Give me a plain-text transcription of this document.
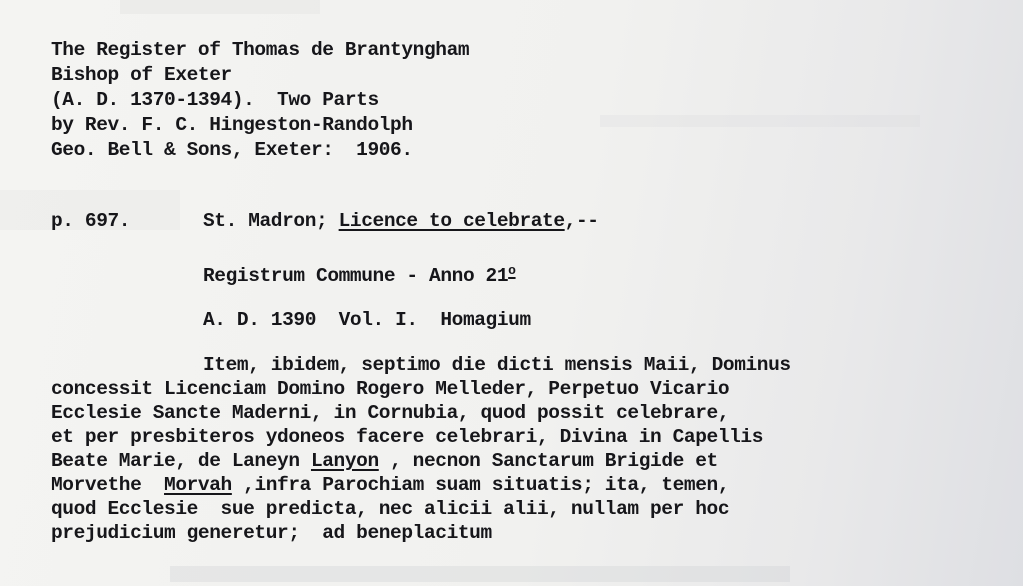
The Register of Thomas de Brantyngham
Bishop of Exeter
(A. D. 1370-1394).  Two Parts
by Rev. F. C. Hingeston-Randolph
Geo. Bell & Sons, Exeter:  1906.
p. 697.	St. Madron; Licence to celebrate,--
Registrum Commune - Anno 21$^o$
A. D. 1390  Vol. I.  Homagium
Item, ibidem, septimo die dicti mensis Maii, Dominus
concessit Licenciam Domino Rogero Melleder, Perpetuo Vicario
Ecclesie Sancte Maderni, in Cornubia, quod possit celebrare,
et per presbiteros ydoneos facere celebrari, Divina in Capellis
Beate Marie, de Laneyn Lanyon , necnon Sanctarum Brigide et
Morvethe  Morvah ,infra Parochiam suam situatis; ita, temen,
quod Ecclesie  sue predicta, nec alicii alii, nullam per hoc
prejudicium generetur;  ad beneplacitum
